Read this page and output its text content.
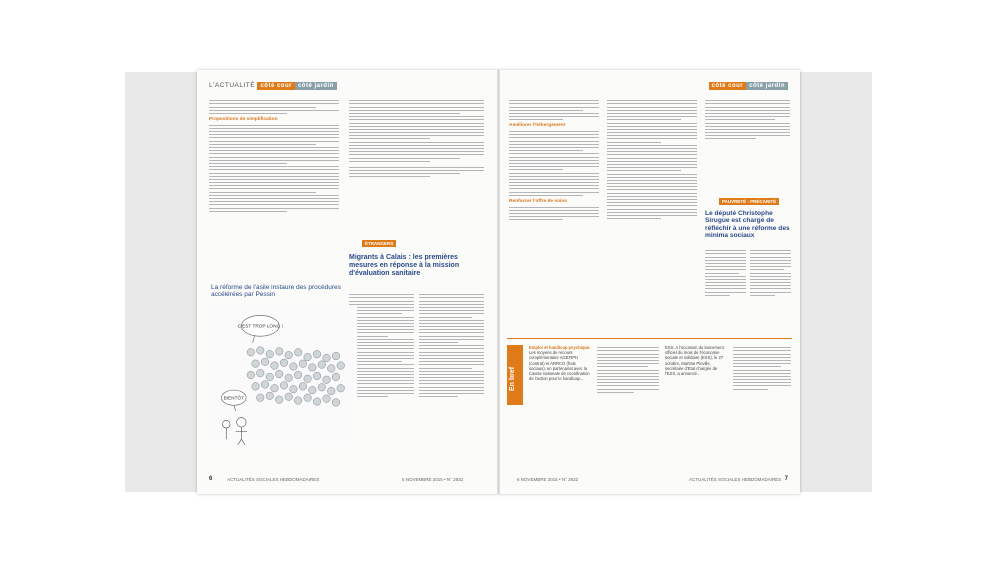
L'ACTUALITÉ côté cour côté jardin
Propositions de simplification
ÉTRANGERS
Migrants à Calais : les premières mesures en réponse à la mission d'évaluation sanitaire
La réforme de l'asile instaure des procédures accélérées par Pessin
C'EST TROP LONG !
BIENTÔT
6	ACTUALITÉS SOCIALES HEBDOMADAIRES	6 NOVEMBRE 2015 • N° 2932
côté cour côté jardin
Améliorer l'hébergement
Renforcer l'offre de soins	PAUVRETÉ - PRÉCARITÉ
Le député Christophe Sirugue est chargé de réfléchir à une réforme des minima sociaux
En bref
Emploi et handicap psychique.
Les moyens de recours complémentaire AGEFIPH (contrat) et ARRCO (frais sociaux), un partenariat avec la Caisse nationale de coordination de l'action pour le handicap...
ESS. A l'occasion du lancement officiel du mois de l'économie sociale et solidaire (ESS), le 27 octobre, Martine Pinville, secrétaire d'Etat chargée de l'ESS, a annoncé...
6 NOVEMBRE 2015 • N° 2932	ACTUALITÉS SOCIALES HEBDOMADAIRES 7
